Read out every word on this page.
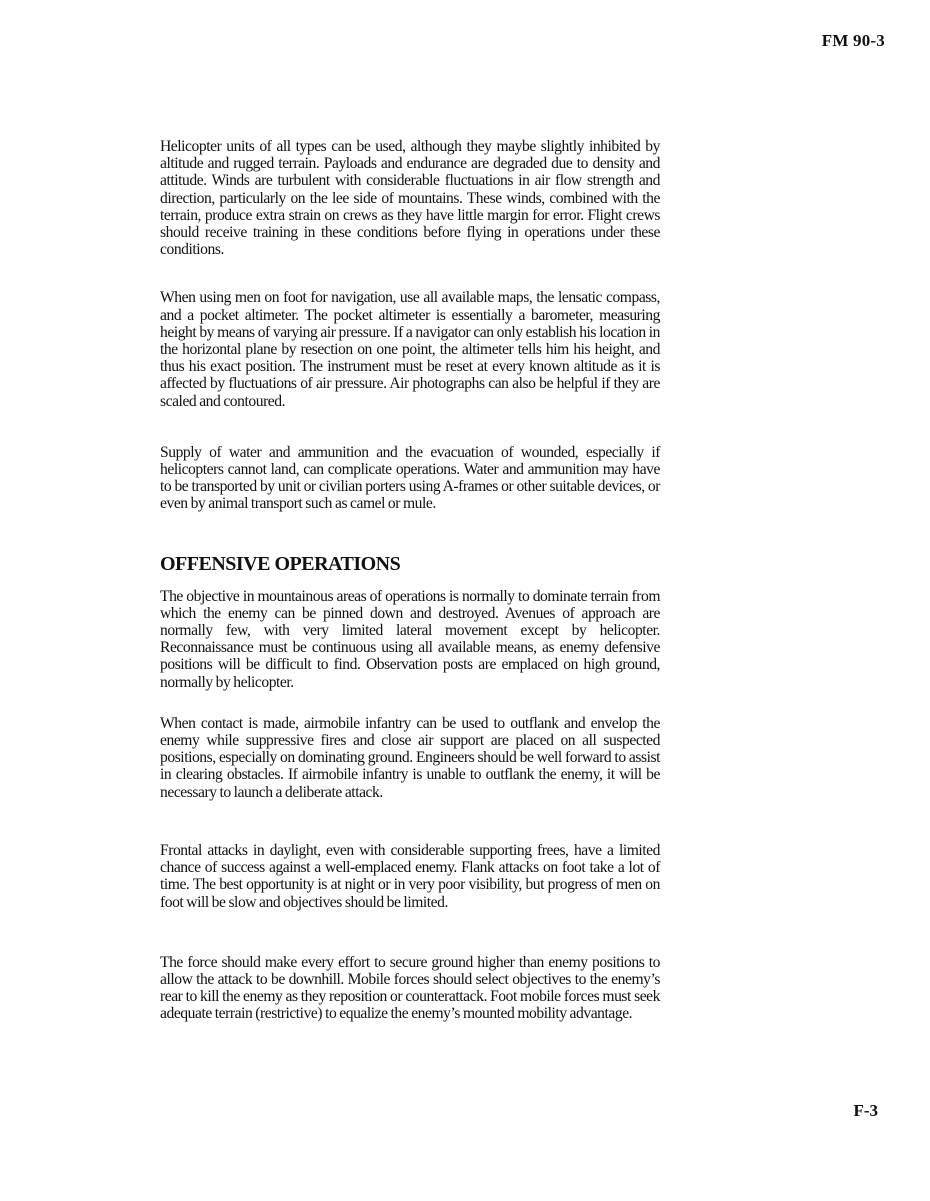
FM 90-3

Helicopter units of all types can be used, although they maybe slightly inhibited by altitude and rugged terrain. Payloads and endurance are degraded due to density and attitude. Winds are turbulent with considerable fluctuations in air flow strength and direction, particularly on the lee side of mountains. These winds, combined with the terrain, produce extra strain on crews as they have little margin for error. Flight crews should receive training in these conditions before flying in operations under these conditions.

When using men on foot for navigation, use all available maps, the lensatic compass, and a pocket altimeter. The pocket altimeter is essentially a barometer, measuring height by means of varying air pressure. If a navigator can only establish his location in the horizontal plane by resection on one point, the altimeter tells him his height, and thus his exact position. The instrument must be reset at every known altitude as it is affected by fluctuations of air pressure. Air photographs can also be helpful if they are scaled and contoured.

Supply of water and ammunition and the evacuation of wounded, especially if helicopters cannot land, can complicate operations. Water and ammunition may have to be transported by unit or civilian porters using A-frames or other suitable devices, or even by animal transport such as camel or mule.

OFFENSIVE OPERATIONS

The objective in mountainous areas of operations is normally to dominate terrain from which the enemy can be pinned down and destroyed. Avenues of approach are normally few, with very limited lateral movement except by helicopter. Reconnaissance must be continuous using all available means, as enemy defensive positions will be difficult to find. Observation posts are emplaced on high ground, normally by helicopter.

When contact is made, airmobile infantry can be used to outflank and envelop the enemy while suppressive fires and close air support are placed on all suspected positions, especially on dominating ground. Engineers should be well forward to assist in clearing obstacles. If airmobile infantry is unable to outflank the enemy, it will be necessary to launch a deliberate attack.

Frontal attacks in daylight, even with considerable supporting frees, have a limited chance of success against a well-emplaced enemy. Flank attacks on foot take a lot of time. The best opportunity is at night or in very poor visibility, but progress of men on foot will be slow and objectives should be limited.

The force should make every effort to secure ground higher than enemy positions to allow the attack to be downhill. Mobile forces should select objectives to the enemy’s rear to kill the enemy as they reposition or counterattack. Foot mobile forces must seek adequate terrain (restrictive) to equalize the enemy’s mounted mobility advantage.

F-3
